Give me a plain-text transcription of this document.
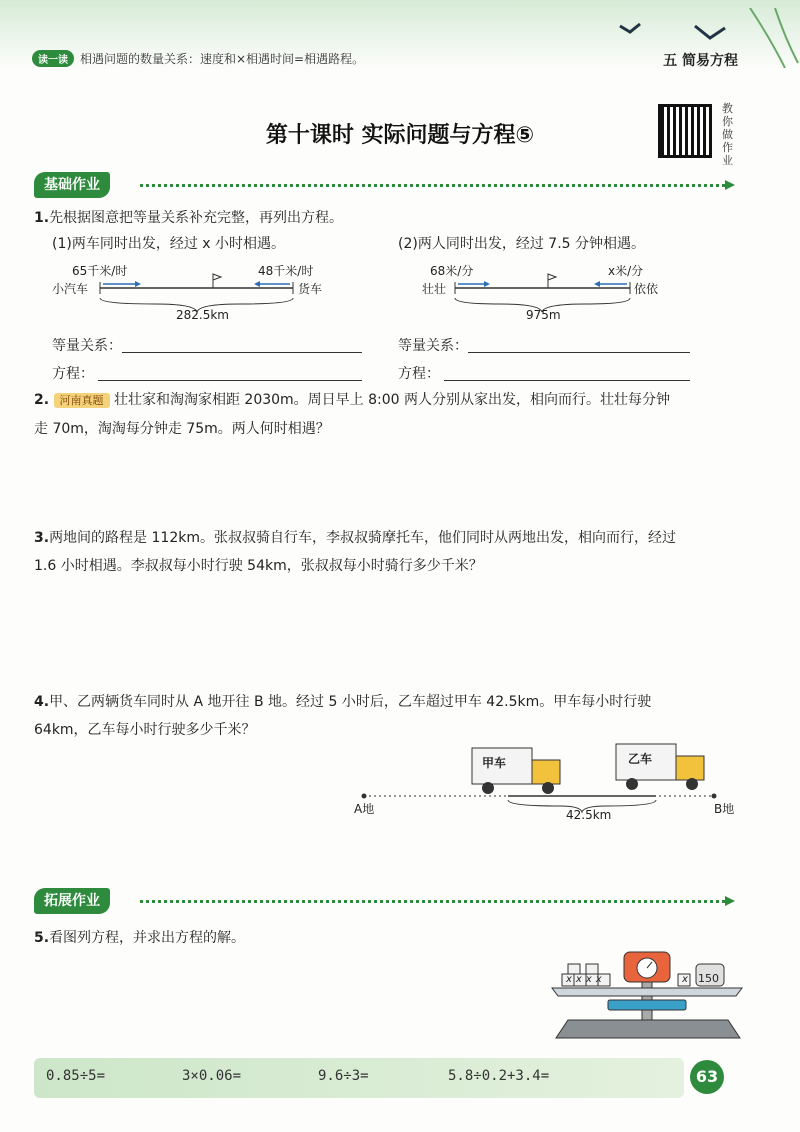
读一读	相遇问题的数量关系：速度和×相遇时间=相遇路程。	五 简易方程
第十课时 实际问题与方程⑤
教你做作业
基础作业
1.先根据图意把等量关系补充完整，再列出方程。
(1)两车同时出发，经过 x 小时相遇。	(2)两人同时出发，经过 7.5 分钟相遇。
65千米/时	48千米/时
小汽车	货车
282.5km
68米/分	x米/分
壮壮	依依
975m
等量关系：
方程：
等量关系：
方程：
2. 河南真题 壮壮家和淘淘家相距 2030m。周日早上 8:00 两人分别从家出发，相向而行。壮壮每分钟
走 70m，淘淘每分钟走 75m。两人何时相遇？
3.两地间的路程是 112km。张叔叔骑自行车，李叔叔骑摩托车，他们同时从两地出发，相向而行，经过
1.6 小时相遇。李叔叔每小时行驶 54km，张叔叔每小时骑行多少千米？
4.甲、乙两辆货车同时从 A 地开往 B 地。经过 5 小时后，乙车超过甲车 42.5km。甲车每小时行驶
64km，乙车每小时行驶多少千米？
甲车	乙车
A地	B地
42.5km
拓展作业
5.看图列方程，并求出方程的解。
xxxx	x 150
0.85÷5=	3×0.06=	9.6÷3=	5.8÷0.2+3.4=	63
